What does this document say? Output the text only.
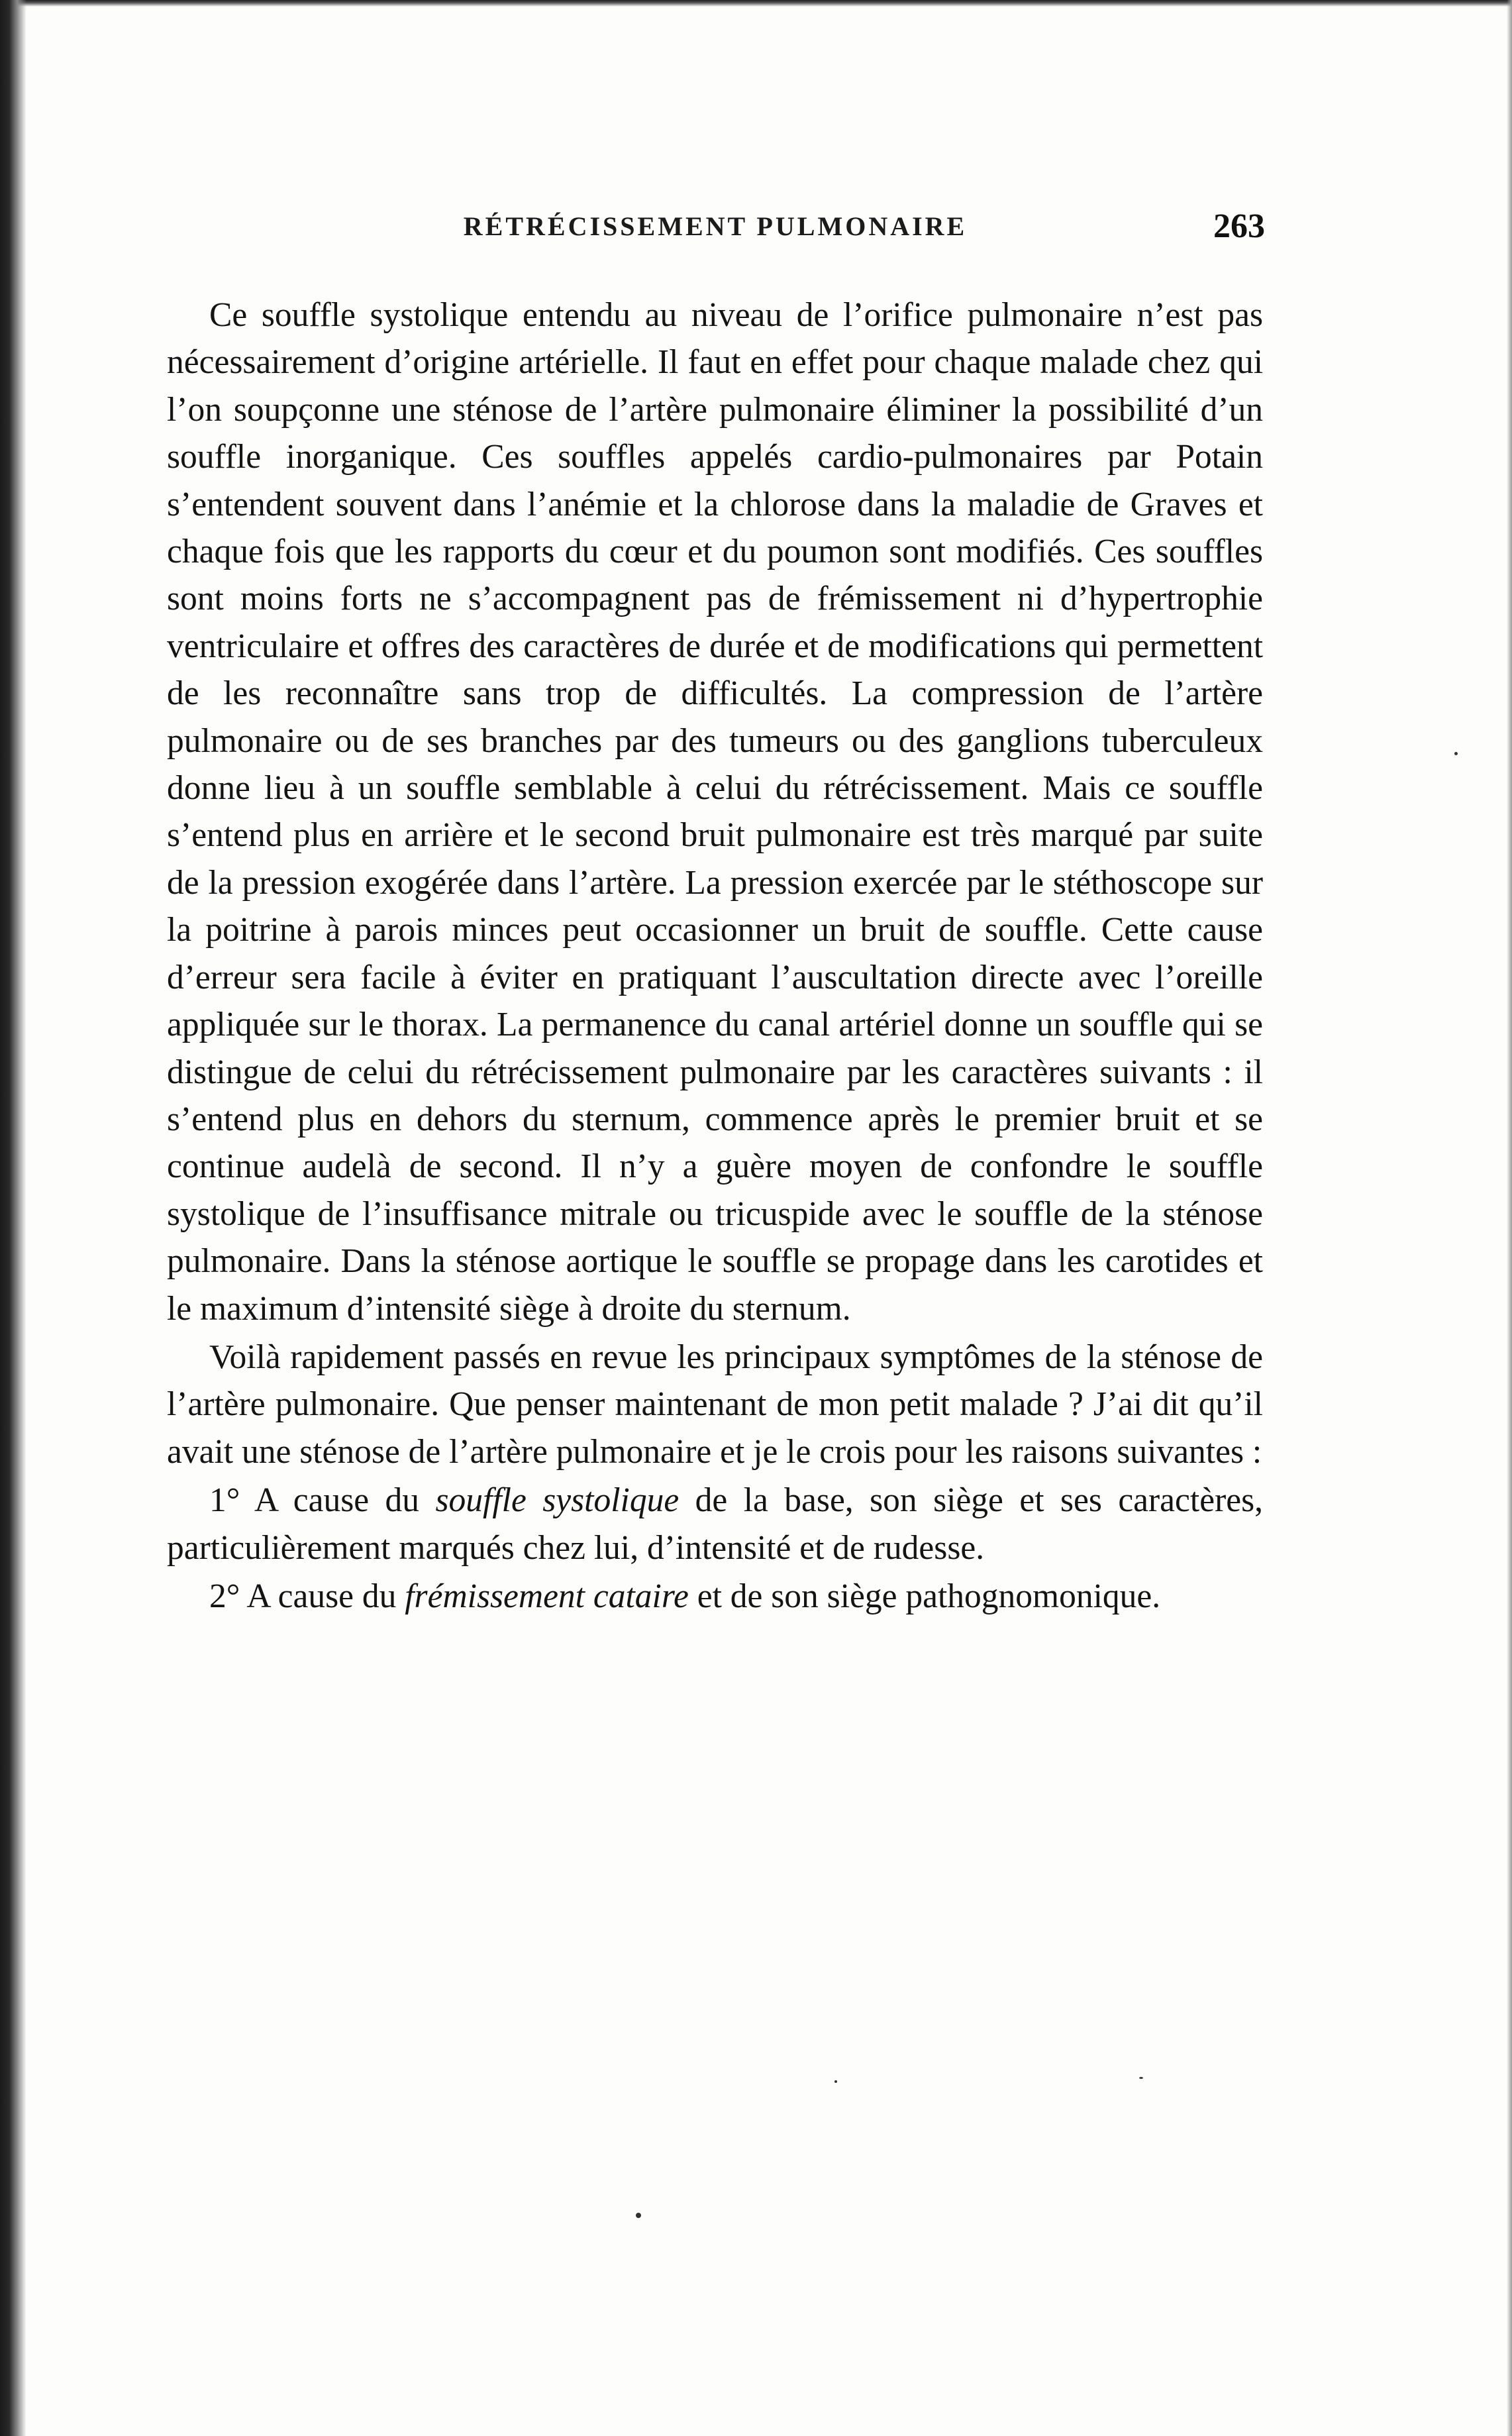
RÉTRÉCISSEMENT PULMONAIRE	263

Ce souffle systolique entendu au niveau de l’orifice pulmonaire n’est pas nécessairement d’origine artérielle. Il faut en effet pour chaque malade chez qui l’on soupçonne une sténose de l’artère pulmonaire éliminer la possibilité d’un souffle inorganique. Ces souffles appelés cardio-pulmonaires par Potain s’entendent souvent dans l’anémie et la chlorose dans la maladie de Graves et chaque fois que les rapports du cœur et du poumon sont modifiés. Ces souffles sont moins forts ne s’accompagnent pas de frémissement ni d’hypertrophie ventriculaire et offres des caractères de durée et de modifications qui permettent de les reconnaître sans trop de difficultés. La compression de l’artère pulmonaire ou de ses branches par des tumeurs ou des ganglions tuberculeux donne lieu à un souffle semblable à celui du rétrécissement. Mais ce souffle s’entend plus en arrière et le second bruit pulmonaire est très marqué par suite de la pression exogérée dans l’artère. La pression exercée par le stéthoscope sur la poitrine à parois minces peut occasionner un bruit de souffle. Cette cause d’erreur sera facile à éviter en pratiquant l’auscultation directe avec l’oreille appliquée sur le thorax. La permanence du canal artériel donne un souffle qui se distingue de celui du rétrécissement pulmonaire par les caractères suivants : il s’entend plus en dehors du sternum, commence après le premier bruit et se continue audelà de second. Il n’y a guère moyen de confondre le souffle systolique de l’insuffisance mitrale ou tricuspide avec le souffle de la sténose pulmonaire. Dans la sténose aortique le souffle se propage dans les carotides et le maximum d’intensité siège à droite du sternum.

Voilà rapidement passés en revue les principaux symptômes de la sténose de l’artère pulmonaire. Que penser maintenant de mon petit malade ? J’ai dit qu’il avait une sténose de l’artère pulmonaire et je le crois pour les raisons suivantes :

1° A cause du souffle systolique de la base, son siège et ses caractères, particulièrement marqués chez lui, d’intensité et de rudesse.

2° A cause du frémissement cataire et de son siège pathognomonique.
